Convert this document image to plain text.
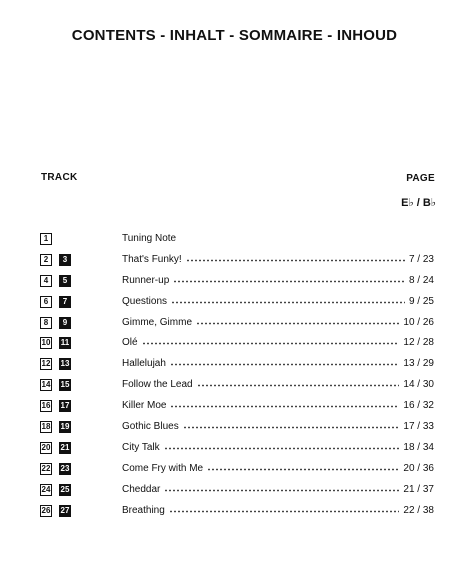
CONTENTS - INHALT - SOMMAIRE - INHOUD
TRACK	PAGE
E♭ / B♭
1	Tuning Note
2	3	That's Funky!	7 / 23
4	5	Runner-up	8 / 24
6	7	Questions	9 / 25
8	9	Gimme, Gimme	10 / 26
10 11	Olé	12 / 28
12 13	Hallelujah	13 / 29
14 15	Follow the Lead	14 / 30
16 17	Killer Moe	16 / 32
18 19	Gothic Blues	17 / 33
20 21	City Talk	18 / 34
22 23	Come Fry with Me	20 / 36
24 25	Cheddar	21 / 37
26 27	Breathing	22 / 38
